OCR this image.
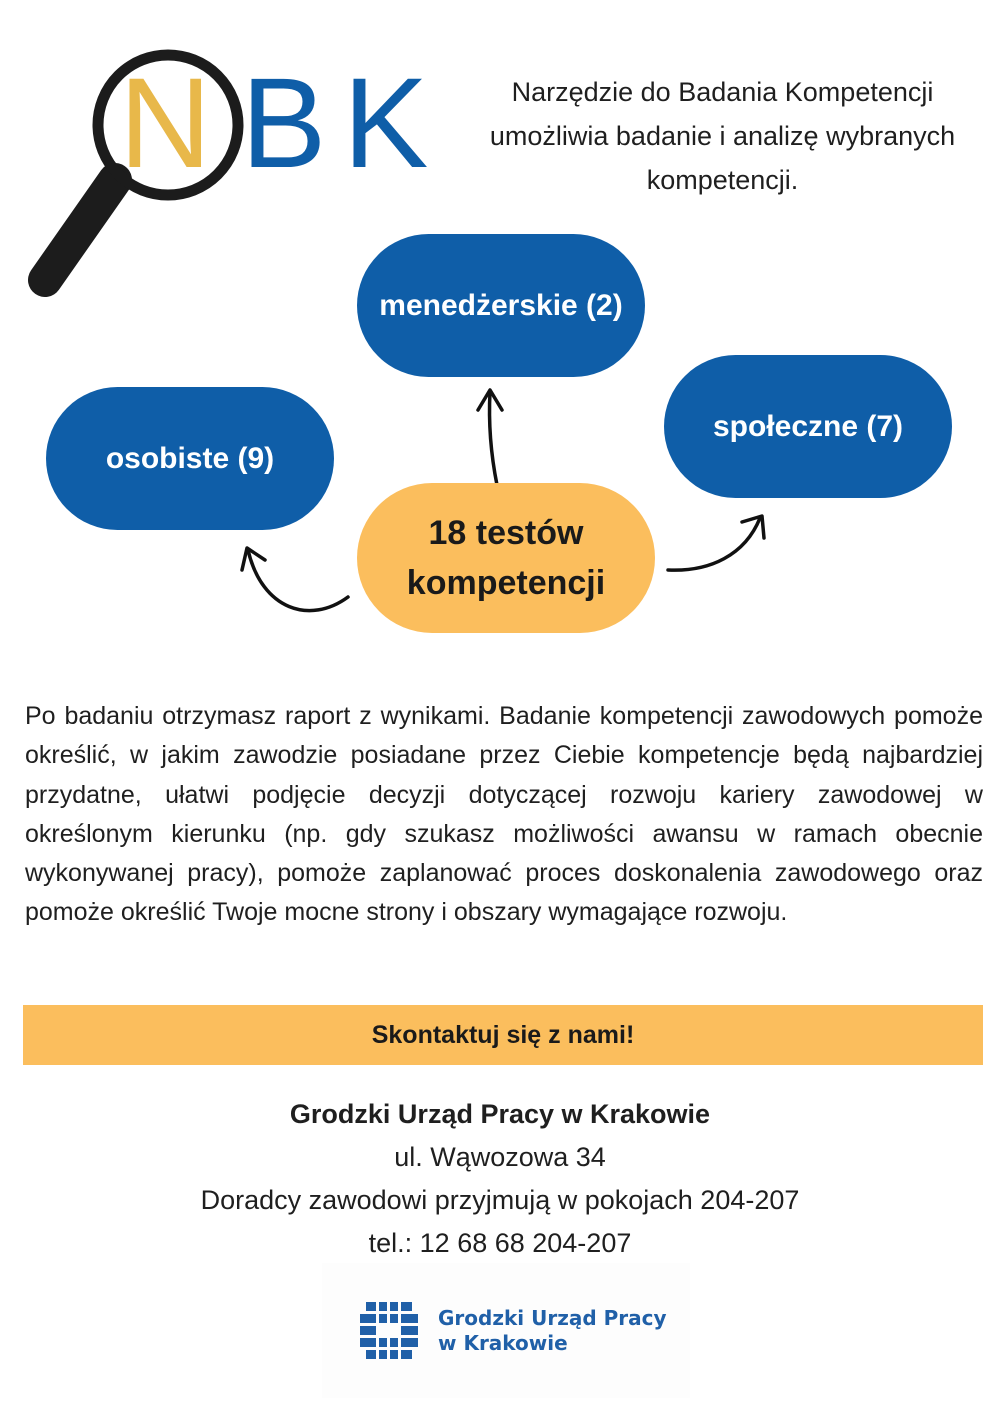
N B K	Narzędzie do Badania Kompetencji umożliwia badanie i analizę wybranych kompetencji.
menedżerskie (2)
społeczne (7)
osobiste (9)
18 testów
kompetencji
Po badaniu otrzymasz raport z wynikami. Badanie kompetencji zawodowych pomoże określić, w jakim zawodzie posiadane przez Ciebie kompetencje będą najbardziej przydatne, ułatwi podjęcie decyzji dotyczącej rozwoju kariery zawodowej w określonym kierunku (np. gdy szukasz możliwości awansu w ramach obecnie wykonywanej pracy), pomoże zaplanować proces doskonalenia zawodowego oraz pomoże określić Twoje mocne strony i obszary wymagające rozwoju.
Skontaktuj się z nami!
Grodzki Urząd Pracy w Krakowie
ul. Wąwozowa 34
Doradcy zawodowi przyjmują w pokojach 204-207
tel.: 12 68 68 204-207
Grodzki Urząd Pracy
w Krakowie
